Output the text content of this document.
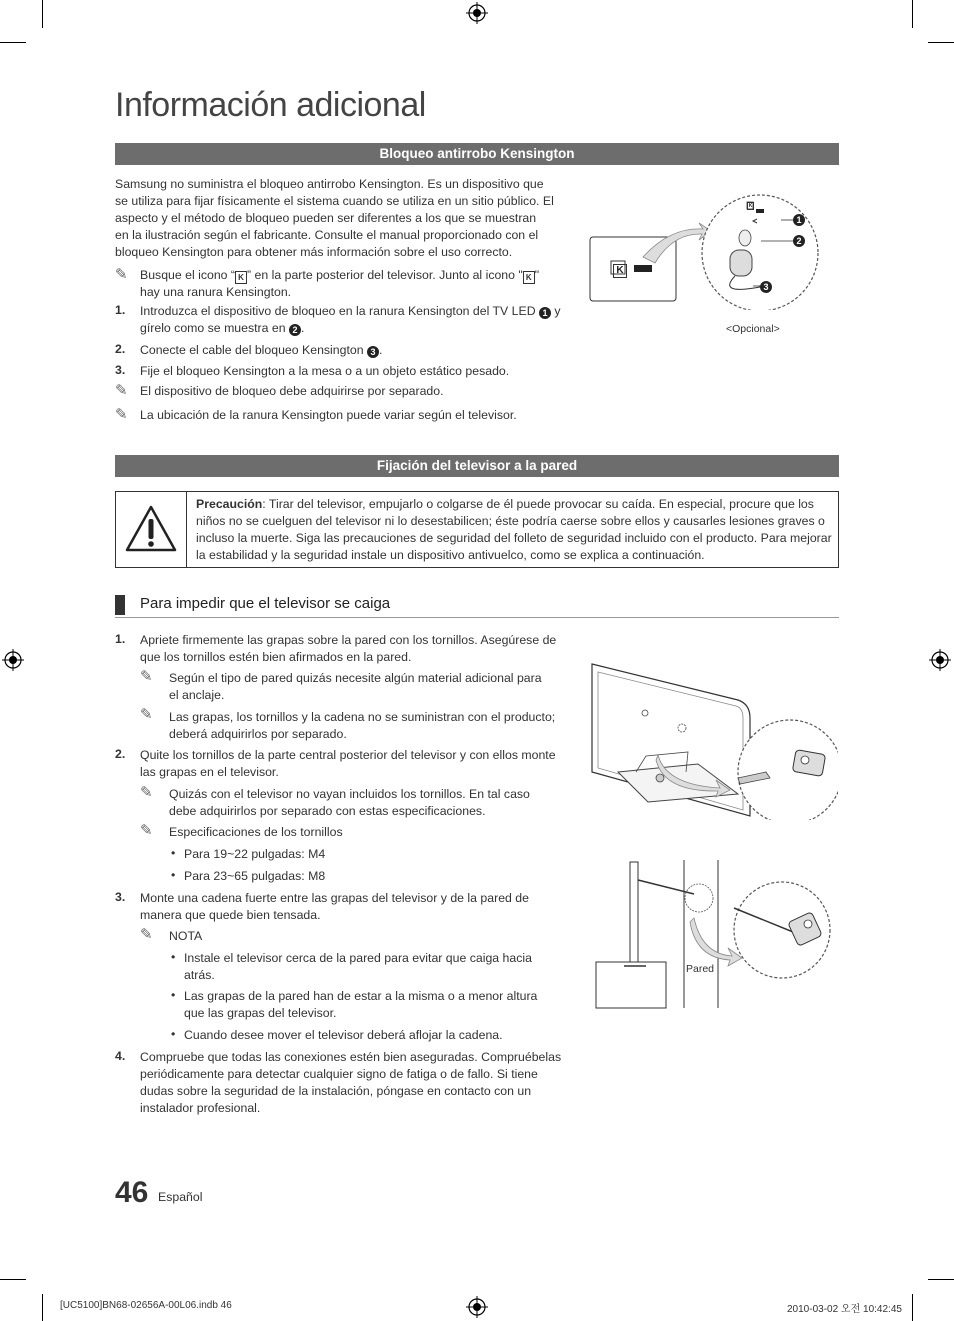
Información adicional
Bloqueo antirrobo Kensington
Samsung no suministra el bloqueo antirrobo Kensington. Es un dispositivo que
se utiliza para fijar físicamente el sistema cuando se utiliza en un sitio público. El
aspecto y el método de bloqueo pueden ser diferentes a los que se muestran
en la ilustración según el fabricante. Consulte el manual proporcionado con el
bloqueo Kensington para obtener más información sobre el uso correcto.
✎ Busque el icono “ K ” en la parte posterior del televisor. Junto al icono " K "
hay una ranura Kensington.
1. Introduzca el dispositivo de bloqueo en la ranura Kensington del TV LED 1 y
gírelo como se muestra en 2 .
2. Conecte el cable del bloqueo Kensington 3 .
3. Fije el bloqueo Kensington a la mesa o a un objeto estático pesado.
✎ El dispositivo de bloqueo debe adquirirse por separado.
✎ La ubicación de la ranura Kensington puede variar según el televisor.
K
K
1
2
3
<Opcional>
Fijación del televisor a la pared
Precaución: Tirar del televisor, empujarlo o colgarse de él puede provocar su caída. En especial, procure que los
niños no se cuelguen del televisor ni lo desestabilicen; éste podría caerse sobre ellos y causarles lesiones graves o
incluso la muerte. Siga las precauciones de seguridad del folleto de seguridad incluido con el producto. Para mejorar
la estabilidad y la seguridad instale un dispositivo antivuelco, como se explica a continuación.
Para impedir que el televisor se caiga
1. Apriete firmemente las grapas sobre la pared con los tornillos. Asegúrese de
que los tornillos estén bien afirmados en la pared.
✎ Según el tipo de pared quizás necesite algún material adicional para
el anclaje.
✎ Las grapas, los tornillos y la cadena no se suministran con el producto;
deberá adquirirlos por separado.
2. Quite los tornillos de la parte central posterior del televisor y con ellos monte
las grapas en el televisor.
✎ Quizás con el televisor no vayan incluidos los tornillos. En tal caso
debe adquirirlos por separado con estas especificaciones.
✎ Especificaciones de los tornillos
• Para 19~22 pulgadas: M4
• Para 23~65 pulgadas: M8
3. Monte una cadena fuerte entre las grapas del televisor y de la pared de
manera que quede bien tensada.
✎ NOTA
• Instale el televisor cerca de la pared para evitar que caiga hacia
atrás.
• Las grapas de la pared han de estar a la misma o a menor altura
que las grapas del televisor.
• Cuando desee mover el televisor deberá aflojar la cadena.
4. Compruebe que todas las conexiones estén bien aseguradas. Compruébelas
periódicamente para detectar cualquier signo de fatiga o de fallo. Si tiene
dudas sobre la seguridad de la instalación, póngase en contacto con un
instalador profesional.
Pared
46 Español
[UC5100]BN68-02656A-00L06.indb 46	2010-03-02 오전 10:42:45
